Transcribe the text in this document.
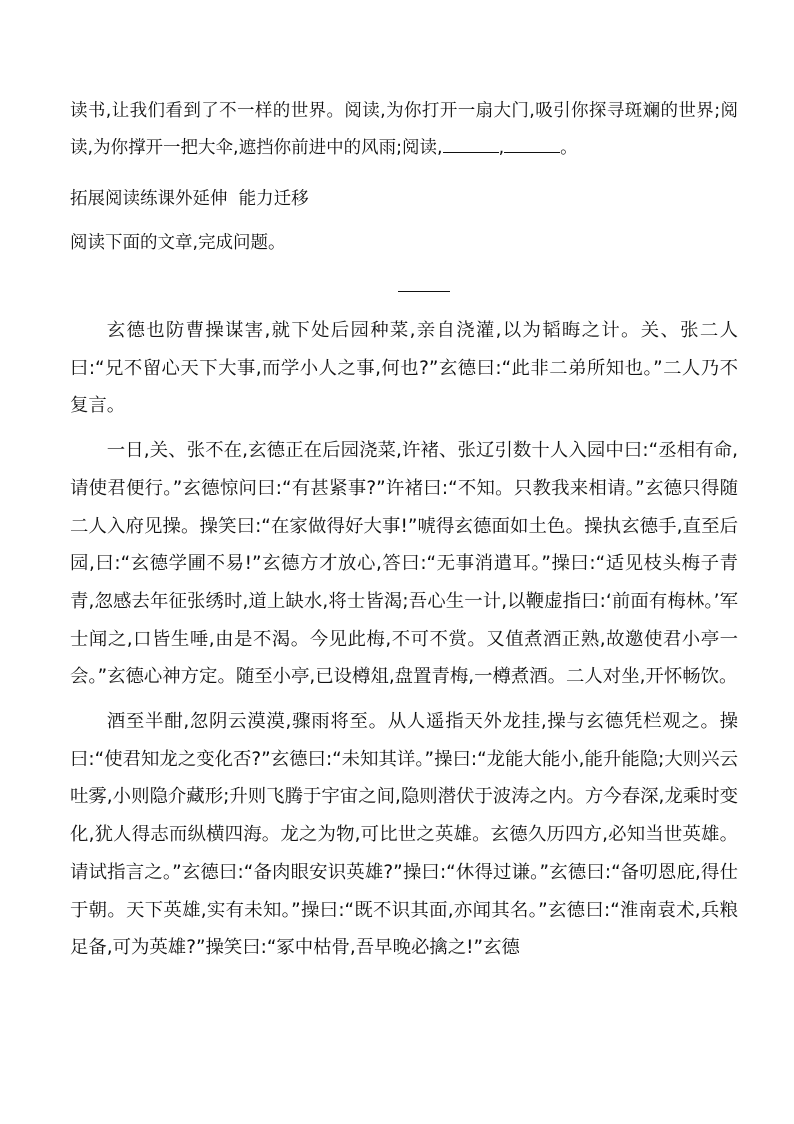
读书,让我们看到了不一样的世界。阅读,为你打开一扇大门,吸引你探寻斑斓的世界;阅读,为你撑开一把大伞,遮挡你前进中的风雨;阅读,	,	。

拓展阅读练课外延伸  能力迁移

阅读下面的文章,完成问题。

玄德也防曹操谋害,就下处后园种菜,亲自浇灌,以为韬晦之计。关、张二人曰:“兄不留心天下大事,而学小人之事,何也?”玄德曰:“此非二弟所知也。”二人乃不复言。

一日,关、张不在,玄德正在后园浇菜,许褚、张辽引数十人入园中曰:“丞相有命,请使君便行。”玄德惊问曰:“有甚紧事?”许褚曰:“不知。只教我来相请。”玄德只得随二人入府见操。操笑曰:“在家做得好大事!”唬得玄德面如土色。操执玄德手,直至后园,曰:“玄德学圃不易!”玄德方才放心,答曰:“无事消遣耳。”操曰:“适见枝头梅子青青,忽感去年征张绣时,道上缺水,将士皆渴;吾心生一计,以鞭虚指曰:‘前面有梅林。’军士闻之,口皆生唾,由是不渴。今见此梅,不可不赏。又值煮酒正熟,故邀使君小亭一会。”玄德心神方定。随至小亭,已设樽俎,盘置青梅,一樽煮酒。二人对坐,开怀畅饮。

酒至半酣,忽阴云漠漠,骤雨将至。从人遥指天外龙挂,操与玄德凭栏观之。操曰:“使君知龙之变化否?”玄德曰:“未知其详。”操曰:“龙能大能小,能升能隐;大则兴云吐雾,小则隐介藏形;升则飞腾于宇宙之间,隐则潜伏于波涛之内。方今春深,龙乘时变化,犹人得志而纵横四海。龙之为物,可比世之英雄。玄德久历四方,必知当世英雄。请试指言之。”玄德曰:“备肉眼安识英雄?”操曰:“休得过谦。”玄德曰:“备叨恩庇,得仕于朝。天下英雄,实有未知。”操曰:“既不识其面,亦闻其名。”玄德曰:“淮南袁术,兵粮足备,可为英雄?”操笑曰:“冢中枯骨,吾早晚必擒之!”玄德
